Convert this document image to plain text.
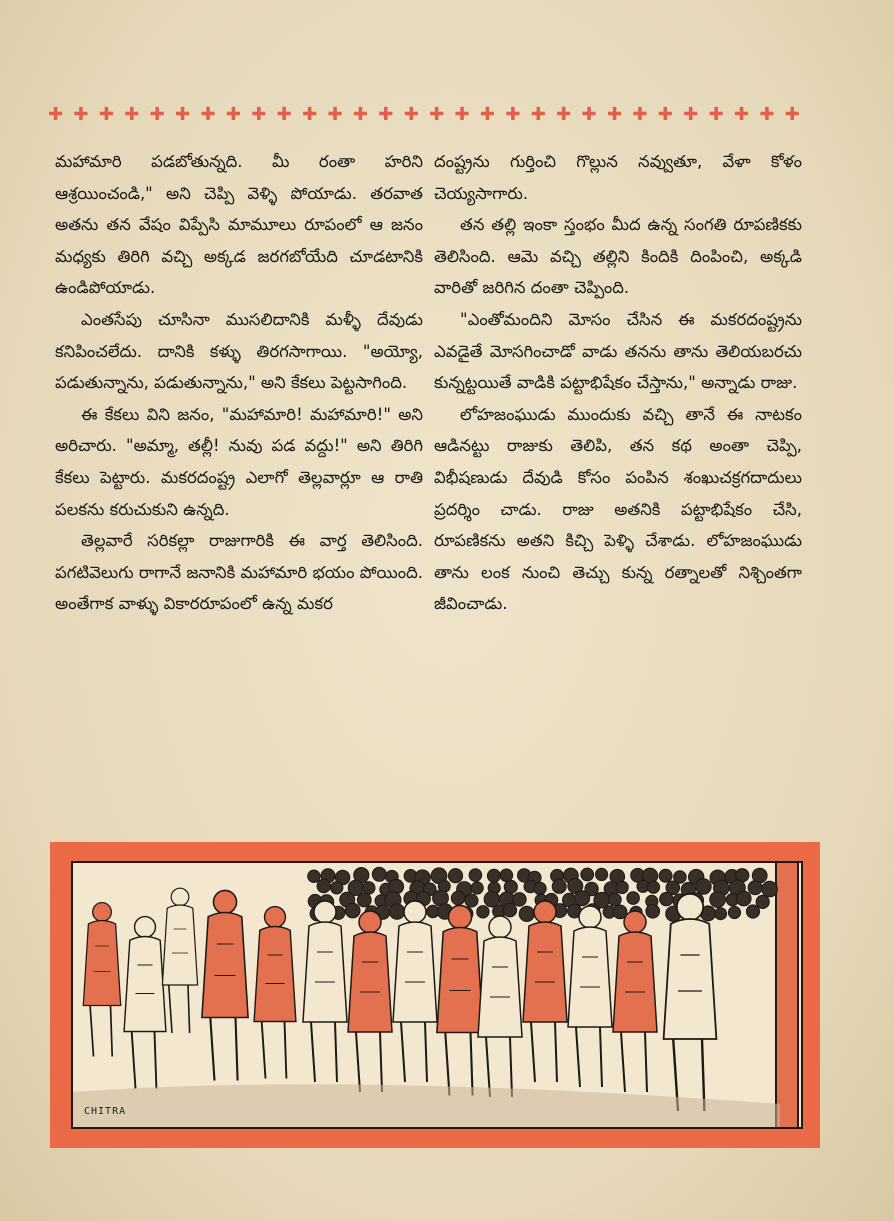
✚ ✚ ✚ ✚ ✚ ✚ ✚ ✚ ✚ ✚ ✚ ✚ ✚ ✚ ✚ ✚ ✚ ✚ ✚ ✚ ✚ ✚ ✚ ✚ ✚ ✚ ✚ ✚ ✚ ✚

మహామారి పడబోతున్నది. మీ రంతా హరిని ఆశ్రయించండి," అని చెప్పి వెళ్ళి పోయాడు. తరవాత అతను తన వేషం విప్పేసి మామూలు రూపంలో ఆ జనం మధ్యకు తిరిగి వచ్చి అక్కడ జరగబోయేది చూడటానికి ఉండిపోయాడు.

ఎంతసేపు చూసినా ముసలిదానికి మళ్ళీ దేవుడు కనిపించలేదు. దానికి కళ్ళు తిరగసాగాయి. "అయ్యో, పడుతున్నాను, పడుతున్నాను," అని కేకలు పెట్టసాగింది.

ఈ కేకలు విని జనం, "మహామారి! మహామారి!" అని అరిచారు. "అమ్మా, తల్లీ! నువు పడ వద్దు!" అని తిరిగి కేకలు పెట్టారు. మకరదంష్ట్ర ఎలాగో తెల్లవార్లూ ఆ రాతి పలకను కరుచుకుని ఉన్నది.

తెల్లవారే సరికల్లా రాజుగారికి ఈ వార్త తెలిసింది. పగటివెలుగు రాగానే జనానికి మహామారి భయం పోయింది. అంతేగాక వాళ్ళు వికారరూపంలో ఉన్న మకర

దంష్ట్రను గుర్తించి గొల్లున నవ్వుతూ, వేళా కోళం చెయ్యసాగారు.

తన తల్లి ఇంకా స్తంభం మీద ఉన్న సంగతి రూపణికకు తెలిసింది. ఆమె వచ్చి తల్లిని కిందికి దింపించి, అక్కడి వారితో జరిగిన దంతా చెప్పింది.

"ఎంతోమందిని మోసం చేసిన ఈ మకరదంష్ట్రను ఎవడైతే మోసగించాడో వాడు తనను తాను తెలియబరచు కున్నట్టయితే వాడికి పట్టాభిషేకం చేస్తాను," అన్నాడు రాజు.

లోహజంఘుడు ముందుకు వచ్చి తానే ఈ నాటకం ఆడినట్టు రాజుకు తెలిపి, తన కథ అంతా చెప్పి, విభీషణుడు దేవుడి కోసం పంపిన శంఖుచక్రగదాదులు ప్రదర్శిం చాడు. రాజు అతనికి పట్టాభిషేకం చేసి, రూపణికను అతని కిచ్చి పెళ్ళి చేశాడు. లోహజంఘుడు తాను లంక నుంచి తెచ్చు కున్న రత్నాలతో నిశ్చింతగా జీవించాడు.

CHITRA
